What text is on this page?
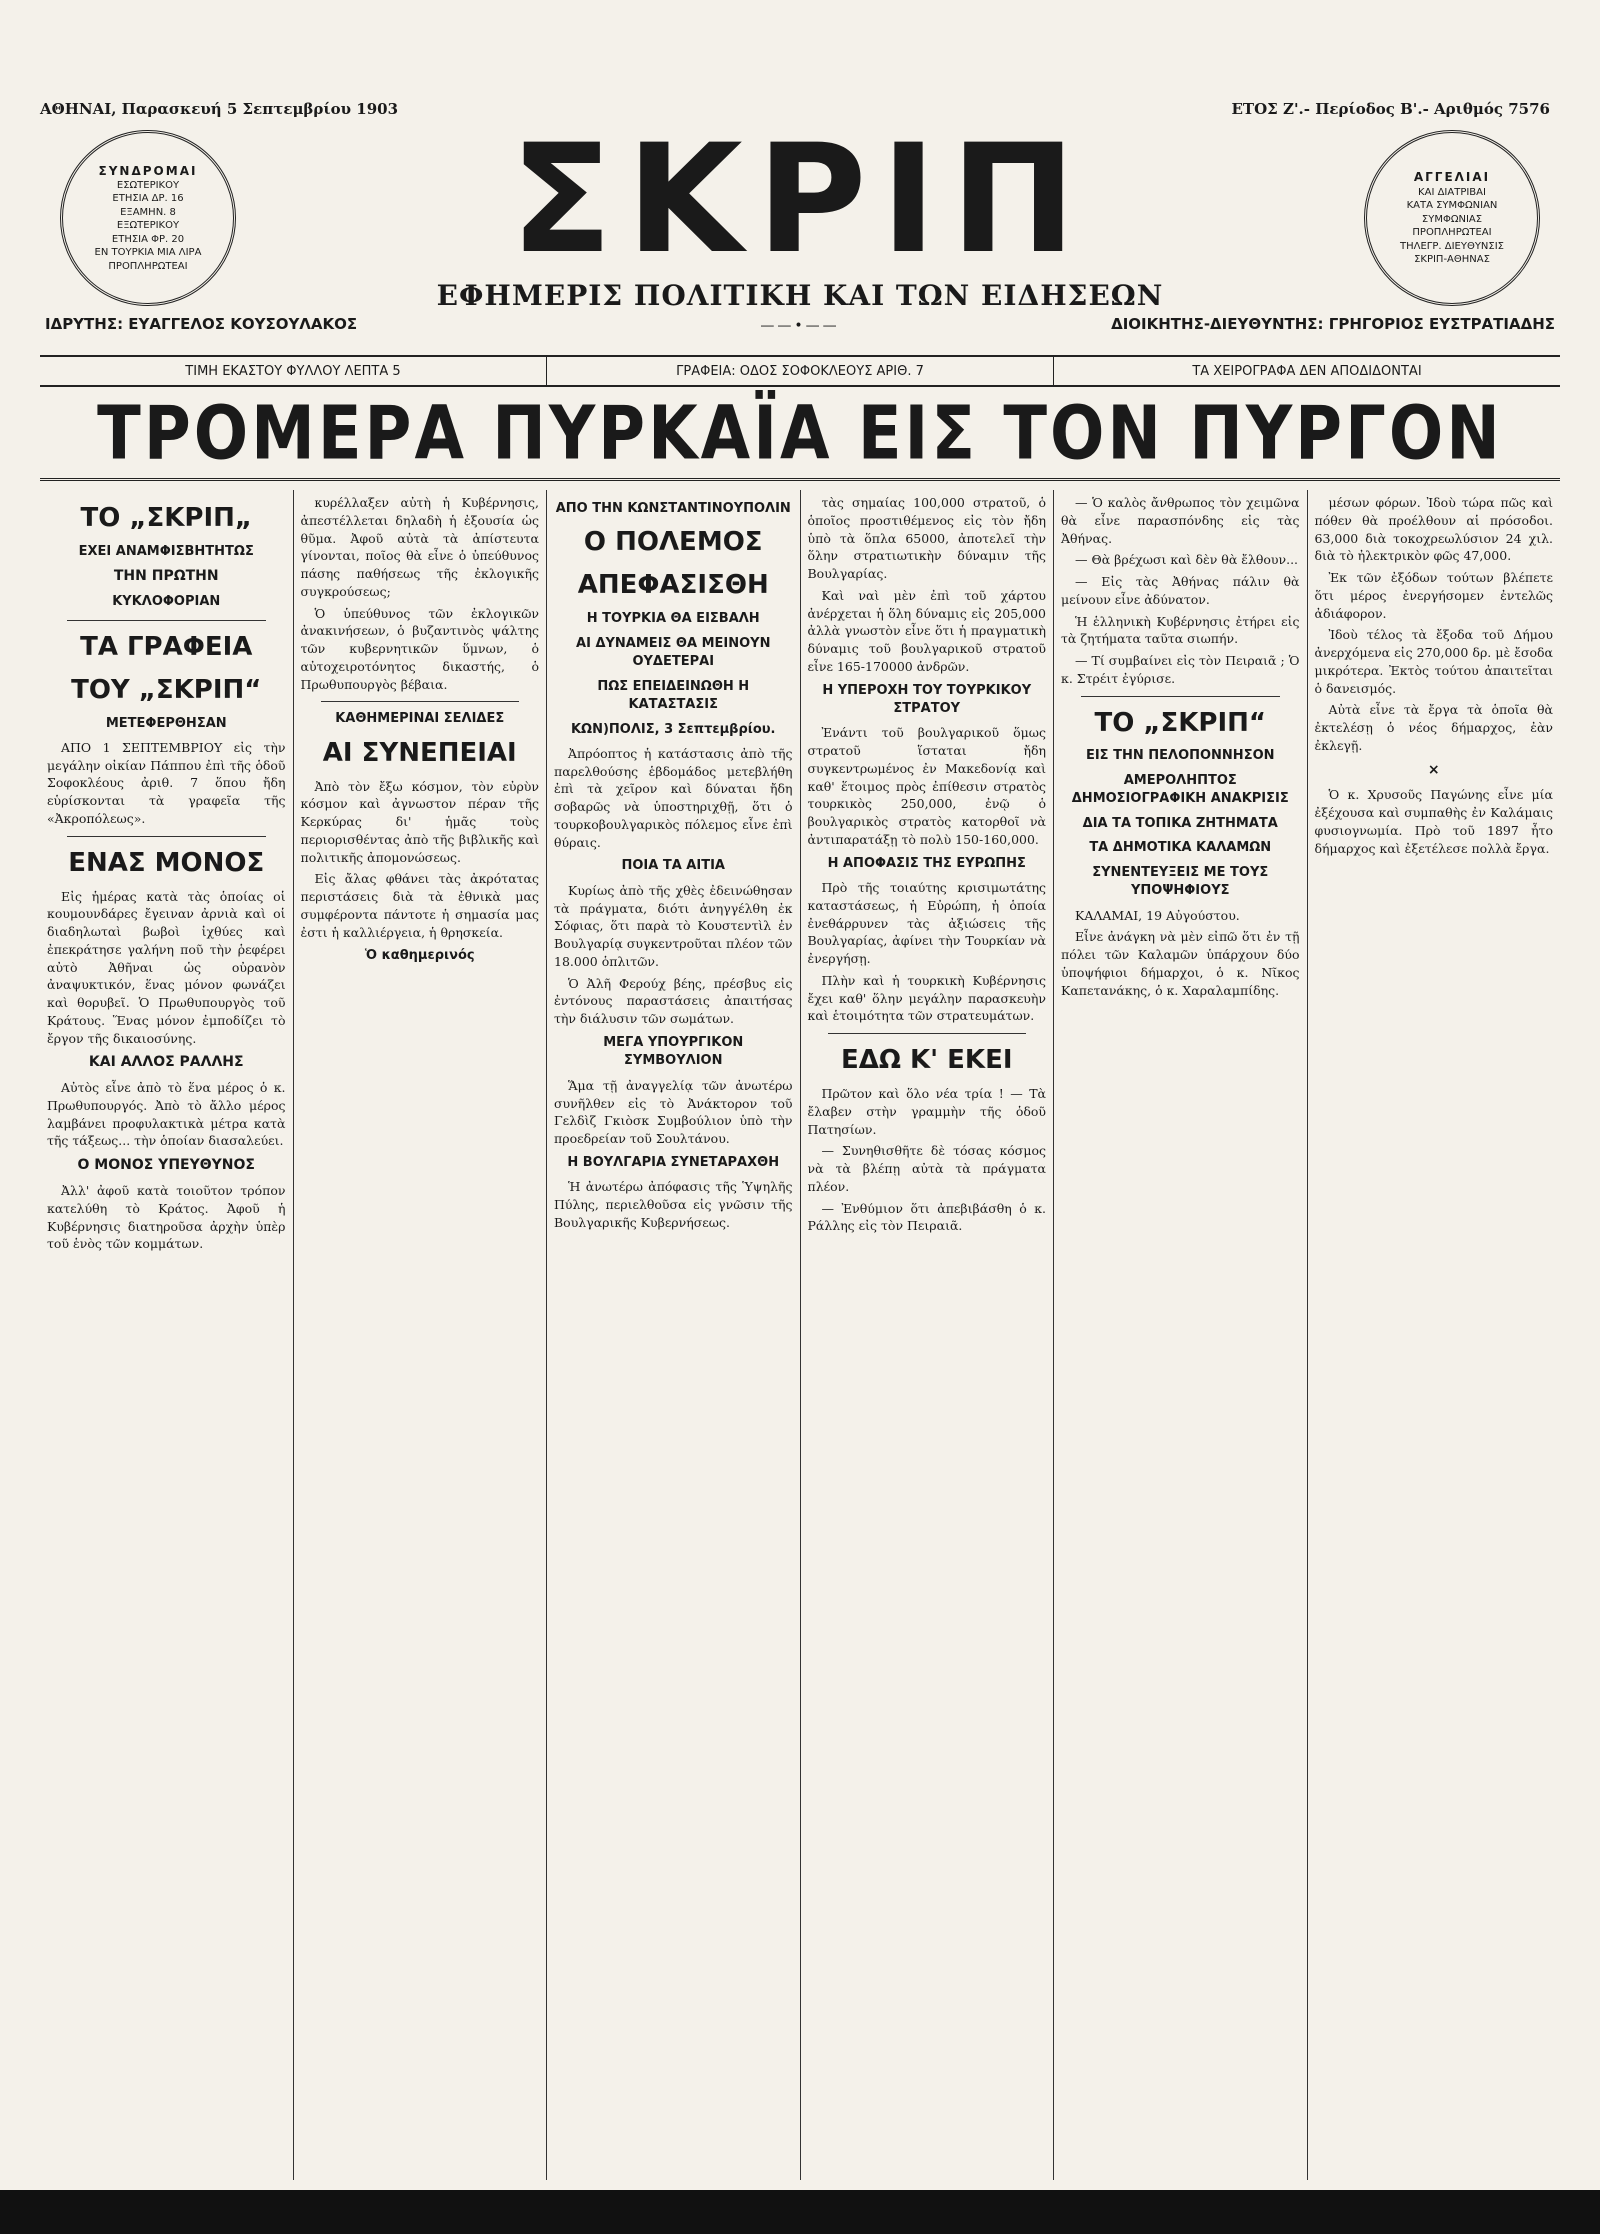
ΑΘΗΝΑΙ, Παρασκευή 5 Σεπτεμβρίου 1903	ΕΤΟΣ Ζ'.- Περίοδος Β'.- Αριθμός 7576
ΣΥΝΔΡΟΜΑΙ
ΕΣΩΤΕΡΙΚΟΥ
ΕΤΗΣΙΑ ΔΡ. 16
ΕΞΑΜΗΝ. 8
ΕΞΩΤΕΡΙΚΟΥ
ΕΤΗΣΙΑ ΦΡ. 20
ΕΝ ΤΟΥΡΚΙΑ ΜΙΑ ΛΙΡΑ
ΠΡΟΠΛΗΡΩΤΕΑΙ	ΣΚΡΙΠ
ΕΦΗΜΕΡΙΣ ΠΟΛΙΤΙΚΗ ΚΑΙ ΤΩΝ ΕΙΔΗΣΕΩΝ
——•——
ΑΓΓΕΛΙΑΙ
ΚΑΙ ΔΙΑΤΡΙΒΑΙ
ΚΑΤΑ ΣΥΜΦΩΝΙΑΝ
ΣΥΜΦΩΝΙΑΣ
ΠΡΟΠΛΗΡΩΤΕΑΙ
ΤΗΛΕΓΡ. ΔΙΕΥΘΥΝΣΙΣ
ΣΚΡΙΠ-ΑΘΗΝΑΣ
ΙΔΡΥΤΗΣ: ΕΥΑΓΓΕΛΟΣ ΚΟΥΣΟΥΛΑΚΟΣ	ΔΙΟΙΚΗΤΗΣ-ΔΙΕΥΘΥΝΤΗΣ: ΓΡΗΓΟΡΙΟΣ ΕΥΣΤΡΑΤΙΑΔΗΣ
ΤΙΜΗ ΕΚΑΣΤΟΥ ΦΥΛΛΟΥ ΛΕΠΤΑ 5	ΓΡΑΦΕΙΑ: ΟΔΟΣ ΣΟΦΟΚΛΕΟΥΣ ΑΡΙΘ. 7	ΤΑ ΧΕΙΡΟΓΡΑΦΑ ΔΕΝ ΑΠΟΔΙΔΟΝΤΑΙ
ΤΡΟΜΕΡΑ ΠΥΡΚΑΪΑ ΕΙΣ ΤΟΝ ΠΥΡΓΟΝ
ΤΟ „ΣΚΡΙΠ„
ΕΧΕΙ ΑΝΑΜΦΙΣΒΗΤΗΤΩΣ
ΤΗΝ ΠΡΩΤΗΝ
ΚΥΚΛΟΦΟΡΙΑΝ
ΤΑ ΓΡΑΦΕΙΑ
ΤΟΥ „ΣΚΡΙΠ“
ΜΕΤΕΦΕΡΘΗΣΑΝ

ΑΠΟ 1 ΣΕΠΤΕΜΒΡΙΟΥ εἰς τὴν μεγάλην οἰκίαν Πάππου ἐπὶ τῆς ὁδοῦ Σοφοκλέους ἀριθ. 7 ὅπου ἤδη εὑρίσκονται τὰ γραφεῖα τῆς «Ἀκροπόλεως».

ΕΝΑΣ ΜΟΝΟΣ

Εἰς ἡμέρας κατὰ τὰς ὁποίας οἱ κουμουνδάρες ἔγειναν ἀρνιὰ καὶ οἱ διαδηλωταὶ βωβοὶ ἰχθύες καὶ ἐπεκράτησε γαλήνη ποῦ τὴν ῥεφέρει αὐτὸ Ἀθῆναι ὡς οὐρανὸν ἀναψυκτικόν, ἕνας μόνον φωνάζει καὶ θορυβεῖ. Ὁ Πρωθυπουργὸς τοῦ Κράτους. Ἕνας μόνον ἐμποδίζει τὸ ἔργον τῆς δικαιοσύνης.

ΚΑΙ ΑΛΛΟΣ ΡΑΛΛΗΣ

Αὐτὸς εἶνε ἀπὸ τὸ ἕνα μέρος ὁ κ. Πρωθυπουργός. Ἀπὸ τὸ ἄλλο μέρος λαμβάνει προφυλακτικὰ μέτρα κατὰ τῆς τάξεως... τὴν ὁποίαν διασαλεύει.

Ο ΜΟΝΟΣ ΥΠΕΥΘΥΝΟΣ

Ἀλλ' ἀφοῦ κατὰ τοιοῦτον τρόπον κατελύθη τὸ Κράτος. Ἀφοῦ ἡ Κυβέρνησις διατηροῦσα ἀρχὴν ὑπὲρ τοῦ ἑνὸς τῶν κομμάτων.

κυρέλλαξεν αὐτὴ ἡ Κυβέρνησις, ἀπεστέλλεται δηλαδὴ ἡ ἐξουσία ὡς θῦμα. Ἀφοῦ αὐτὰ τὰ ἀπίστευτα γίνονται, ποῖος θὰ εἶνε ὁ ὑπεύθυνος πάσης παθήσεως τῆς ἐκλογικῆς συγκρούσεως;

Ὁ ὑπεύθυνος τῶν ἐκλογικῶν ἀνακινήσεων, ὁ βυζαντινὸς ψάλτης τῶν κυβερνητικῶν ὕμνων, ὁ αὐτοχειροτόνητος δικαστής, ὁ Πρωθυπουργὸς βέβαια.

ΚΑΘΗΜΕΡΙΝΑΙ ΣΕΛΙΔΕΣ
ΑΙ ΣΥΝΕΠΕΙΑΙ

Ἀπὸ τὸν ἔξω κόσμον, τὸν εὐρὺν κόσμον καὶ ἀγνωστον πέραν τῆς Κερκύρας δι' ἡμᾶς τοὺς περιορισθέντας ἀπὸ τῆς βιβλικῆς καὶ πολιτικῆς ἀπομονώσεως.

Εἰς ἄλας φθάνει τὰς ἀκρότατας περιστάσεις διὰ τὰ ἐθνικὰ μας συμφέροντα πάντοτε ἡ σημασία μας ἐστι ἡ καλλιέργεια, ἡ θρησκεία.

Ὁ καθημερινός
ΑΠΟ ΤΗΝ ΚΩΝΣΤΑΝΤΙΝΟΥΠΟΛΙΝ
Ο ΠΟΛΕΜΟΣ
ΑΠΕΦΑΣΙΣΘΗ
Η ΤΟΥΡΚΙΑ ΘΑ ΕΙΣΒΑΛΗ
ΑΙ ΔΥΝΑΜΕΙΣ ΘΑ ΜΕΙΝΟΥΝ ΟΥΔΕΤΕΡΑΙ
ΠΩΣ ΕΠΕΙΔΕΙΝΩΘΗ Η ΚΑΤΑΣΤΑΣΙΣ
ΚΩΝ)ΠΟΛΙΣ, 3 Σεπτεμβρίου.

Ἀπρόοπτος ἡ κατάστασις ἀπὸ τῆς παρελθούσης ἑβδομάδος μετεβλήθη ἐπὶ τὰ χεῖρον καὶ δύναται ἤδη σοβαρῶς νὰ ὑποστηριχθῇ, ὅτι ὁ τουρκοβουλγαρικὸς πόλεμος εἶνε ἐπὶ θύραις.

ΠΟΙΑ ΤΑ ΑΙΤΙΑ

Κυρίως ἀπὸ τῆς χθὲς ἐδεινώθησαν τὰ πράγματα, διότι ἀνηγγέλθη ἐκ Σόφιας, ὅτι παρὰ τὸ Κουστεντὶλ ἐν Βουλγαρίᾳ συγκεντροῦται πλέον τῶν 18.000 ὁπλιτῶν.

Ὁ Ἀλῆ Φερούχ βέης, πρέσβυς εἰς ἐντόνους παραστάσεις ἀπαιτήσας τὴν διάλυσιν τῶν σωμάτων.

ΜΕΓΑ ΥΠΟΥΡΓΙΚΟΝ ΣΥΜΒΟΥΛΙΟΝ

Ἅμα τῇ ἀναγγελίᾳ τῶν ἀνωτέρω συνῆλθεν εἰς τὸ Ἀνάκτορον τοῦ Γελδὶζ Γκιὸσκ Συμβούλιον ὑπὸ τὴν προεδρείαν τοῦ Σουλτάνου.

Η ΒΟΥΛΓΑΡΙΑ ΣΥΝΕΤΑΡΑΧΘΗ

Ἡ ἀνωτέρω ἀπόφασις τῆς Ὑψηλῆς Πύλης, περιελθοῦσα εἰς γνῶσιν τῆς Βουλγαρικῆς Κυβερνήσεως.

τὰς σημαίας 100,000 στρατοῦ, ὁ ὁποῖος προστιθέμενος εἰς τὸν ἤδη ὑπὸ τὰ ὅπλα 65000, ἀποτελεῖ τὴν ὅλην στρατιωτικὴν δύναμιν τῆς Βουλγαρίας.

Καὶ ναὶ μὲν ἐπὶ τοῦ χάρτου ἀνέρχεται ἡ ὅλη δύναμις εἰς 205,000 ἀλλὰ γνωστὸν εἶνε ὅτι ἡ πραγματικὴ δύναμις τοῦ βουλγαρικοῦ στρατοῦ εἶνε 165-170000 ἀνδρῶν.

Η ΥΠΕΡΟΧΗ ΤΟΥ ΤΟΥΡΚΙΚΟΥ ΣΤΡΑΤΟΥ

Ἐνάντι τοῦ βουλγαρικοῦ ὅμως στρατοῦ ἵσταται ἤδη συγκεντρωμένος ἐν Μακεδονίᾳ καὶ καθ' ἕτοιμος πρὸς ἐπίθεσιν στρατὸς τουρκικὸς 250,000, ἐνῷ ὁ βουλγαρικὸς στρατὸς κατορθοῖ νὰ ἀντιπαρατάξῃ τὸ πολὺ 150-160,000.

Η ΑΠΟΦΑΣΙΣ ΤΗΣ ΕΥΡΩΠΗΣ

Πρὸ τῆς τοιαύτης κρισιμωτάτης καταστάσεως, ἡ Εὐρώπη, ἡ ὁποία ἐνεθάρρυνεν τὰς ἀξιώσεις τῆς Βουλγαρίας, ἀφίνει τὴν Τουρκίαν νὰ ἐνεργήσῃ.

Πλὴν καὶ ἡ τουρκικὴ Κυβέρνησις ἔχει καθ' ὅλην μεγάλην παρασκευὴν καὶ ἑτοιμότητα τῶν στρατευμάτων.

ΕΔΩ Κ' ΕΚΕΙ

Πρῶτον καὶ ὅλο νέα τρία ! — Τὰ ἔλαβεν στὴν γραμμὴν τῆς ὁδοῦ Πατησίων.

— Συνηθισθῆτε δὲ τόσας κόσμος νὰ τὰ βλέπῃ αὐτὰ τὰ πράγματα πλέον.

— Ἐνθύμιον ὅτι ἀπεβιβάσθη ὁ κ. Ράλλης εἰς τὸν Πειραιᾶ.

— Ὁ καλὸς ἄνθρωπος τὸν χειμῶνα θὰ εἶνε παρασπόνδης εἰς τὰς Ἀθήνας.

— Θὰ βρέχωσι καὶ δὲν θὰ ἔλθουν...

— Εἰς τὰς Ἀθήνας πάλιν θὰ μείνουν εἶνε ἀδύνατον.

Ἡ ἑλληνικὴ Κυβέρνησις ἐτήρει εἰς τὰ ζητήματα ταῦτα σιωπήν.

— Τί συμβαίνει εἰς τὸν Πειραιᾶ ; Ὁ κ. Στρέιτ ἐγύρισε.

ΤΟ „ΣΚΡΙΠ“
ΕΙΣ ΤΗΝ ΠΕΛΟΠΟΝΝΗΣΟΝ
ΑΜΕΡΟΛΗΠΤΟΣ ΔΗΜΟΣΙΟΓΡΑΦΙΚΗ ΑΝΑΚΡΙΣΙΣ
ΔΙΑ ΤΑ ΤΟΠΙΚΑ ΖΗΤΗΜΑΤΑ
ΤΑ ΔΗΜΟΤΙΚΑ ΚΑΛΑΜΩΝ
ΣΥΝΕΝΤΕΥΞΕΙΣ ΜΕ ΤΟΥΣ ΥΠΟΨΗΦΙΟΥΣ

ΚΑΛΑΜΑΙ, 19 Αὐγούστου.

Εἶνε ἀνάγκη νὰ μὲν εἰπῶ ὅτι ἐν τῇ πόλει τῶν Καλαμῶν ὑπάρχουν δύο ὑποψήφιοι δήμαρχοι, ὁ κ. Νῖκος Καπετανάκης, ὁ κ. Χαραλαμπίδης.

μέσων φόρων. Ἰδοὺ τώρα πῶς καὶ πόθεν θὰ προέλθουν αἱ πρόσοδοι. 63,000 διὰ τοκοχρεωλύσιον 24 χιλ. διὰ τὸ ἠλεκτρικὸν φῶς 47,000.

Ἐκ τῶν ἐξόδων τούτων βλέπετε ὅτι μέρος ἐνεργήσομεν ἐντελῶς ἀδιάφορον.

Ἰδοὺ τέλος τὰ ἔξοδα τοῦ Δήμου ἀνερχόμενα εἰς 270,000 δρ. μὲ ἔσοδα μικρότερα. Ἐκτὸς τούτου ἀπαιτεῖται ὁ δανεισμός.

Αὐτὰ εἶνε τὰ ἔργα τὰ ὁποῖα θὰ ἐκτελέσῃ ὁ νέος δήμαρχος, ἐὰν ἐκλεγῇ.

×

Ὁ κ. Χρυσοῦς Παγώνης εἶνε μία ἐξέχουσα καὶ συμπαθὴς ἐν Καλάμαις φυσιογνωμία. Πρὸ τοῦ 1897 ἦτο δήμαρχος καὶ ἐξετέλεσε πολλὰ ἔργα.
